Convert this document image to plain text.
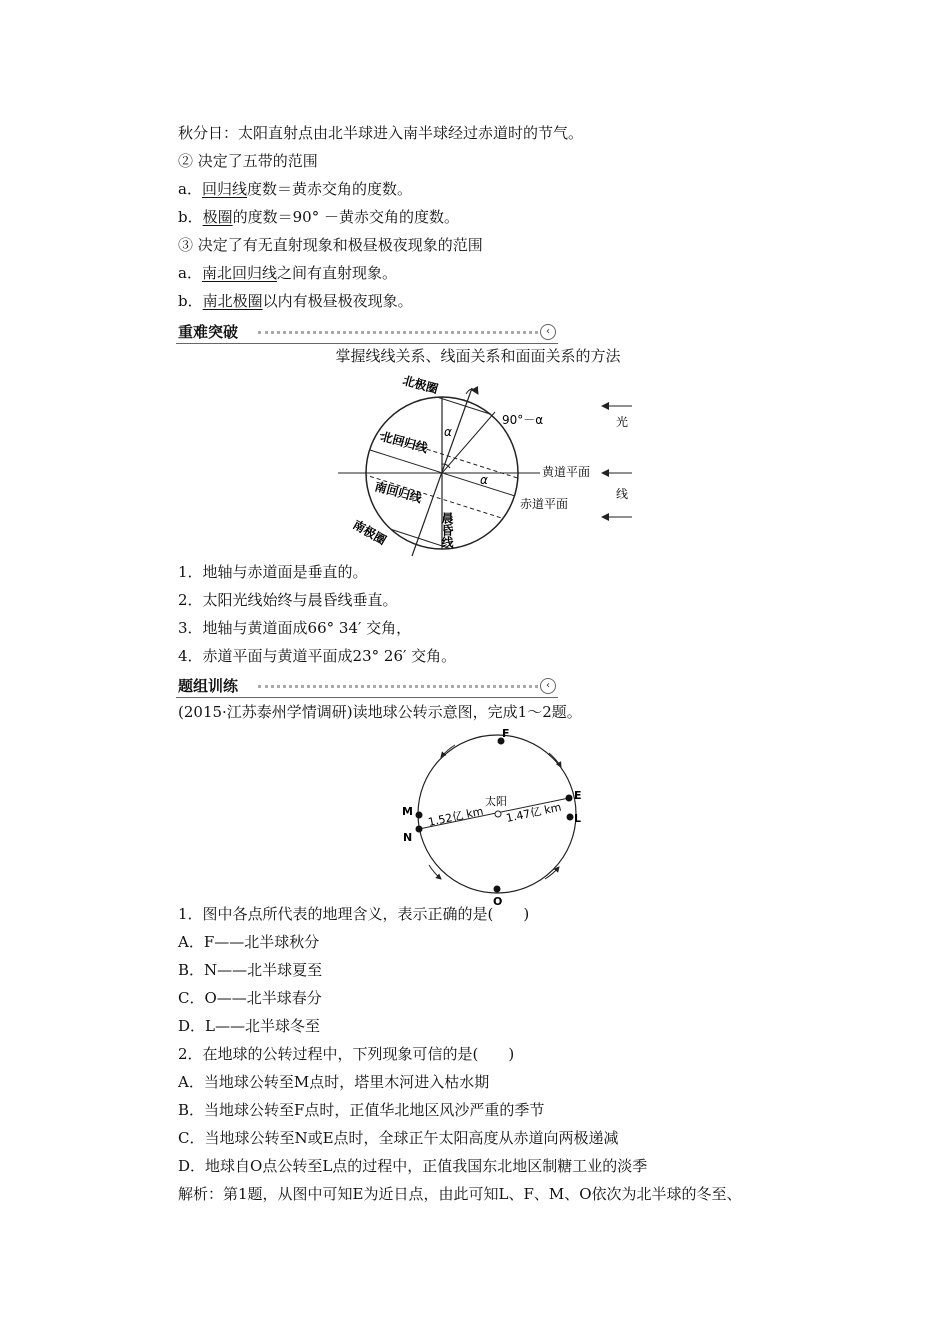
秋分日：太阳直射点由北半球进入南半球经过赤道时的节气。
② 决定了五带的范围
a．回归线度数＝黄赤交角的度数。
b．极圈的度数＝90° －黄赤交角的度数。
③ 决定了有无直射现象和极昼极夜现象的范围
a．南北回归线之间有直射现象。
b．南北极圈以内有极昼极夜现象。
重难突破	‹
掌握线线关系、线面关系和面面关系的方法
北极圈
北回归线
南回归线
南极圈
α
α
90°－α
黄道平面
赤道平面
晨昏线
光
线
1．地轴与赤道面是垂直的。
2．太阳光线始终与晨昏线垂直。
3．地轴与黄道面成66° 34′ 交角，
4．赤道平面与黄道平面成23° 26′ 交角。
题组训练	‹
(2015·江苏泰州学情调研)读地球公转示意图，完成1～2题。
F
E
L
M
N
O
太阳
1.52亿 km 1.47亿 km
1．图中各点所代表的地理含义，表示正确的是(　　)
A．F——北半球秋分
B．N——北半球夏至
C．O——北半球春分
D．L——北半球冬至
2．在地球的公转过程中，下列现象可信的是(　　)
A．当地球公转至M点时，塔里木河进入枯水期
B．当地球公转至F点时，正值华北地区风沙严重的季节
C．当地球公转至N或E点时，全球正午太阳高度从赤道向两极递减
D．地球自O点公转至L点的过程中，正值我国东北地区制糖工业的淡季
解析：第1题，从图中可知E为近日点，由此可知L、F、M、O依次为北半球的冬至、
